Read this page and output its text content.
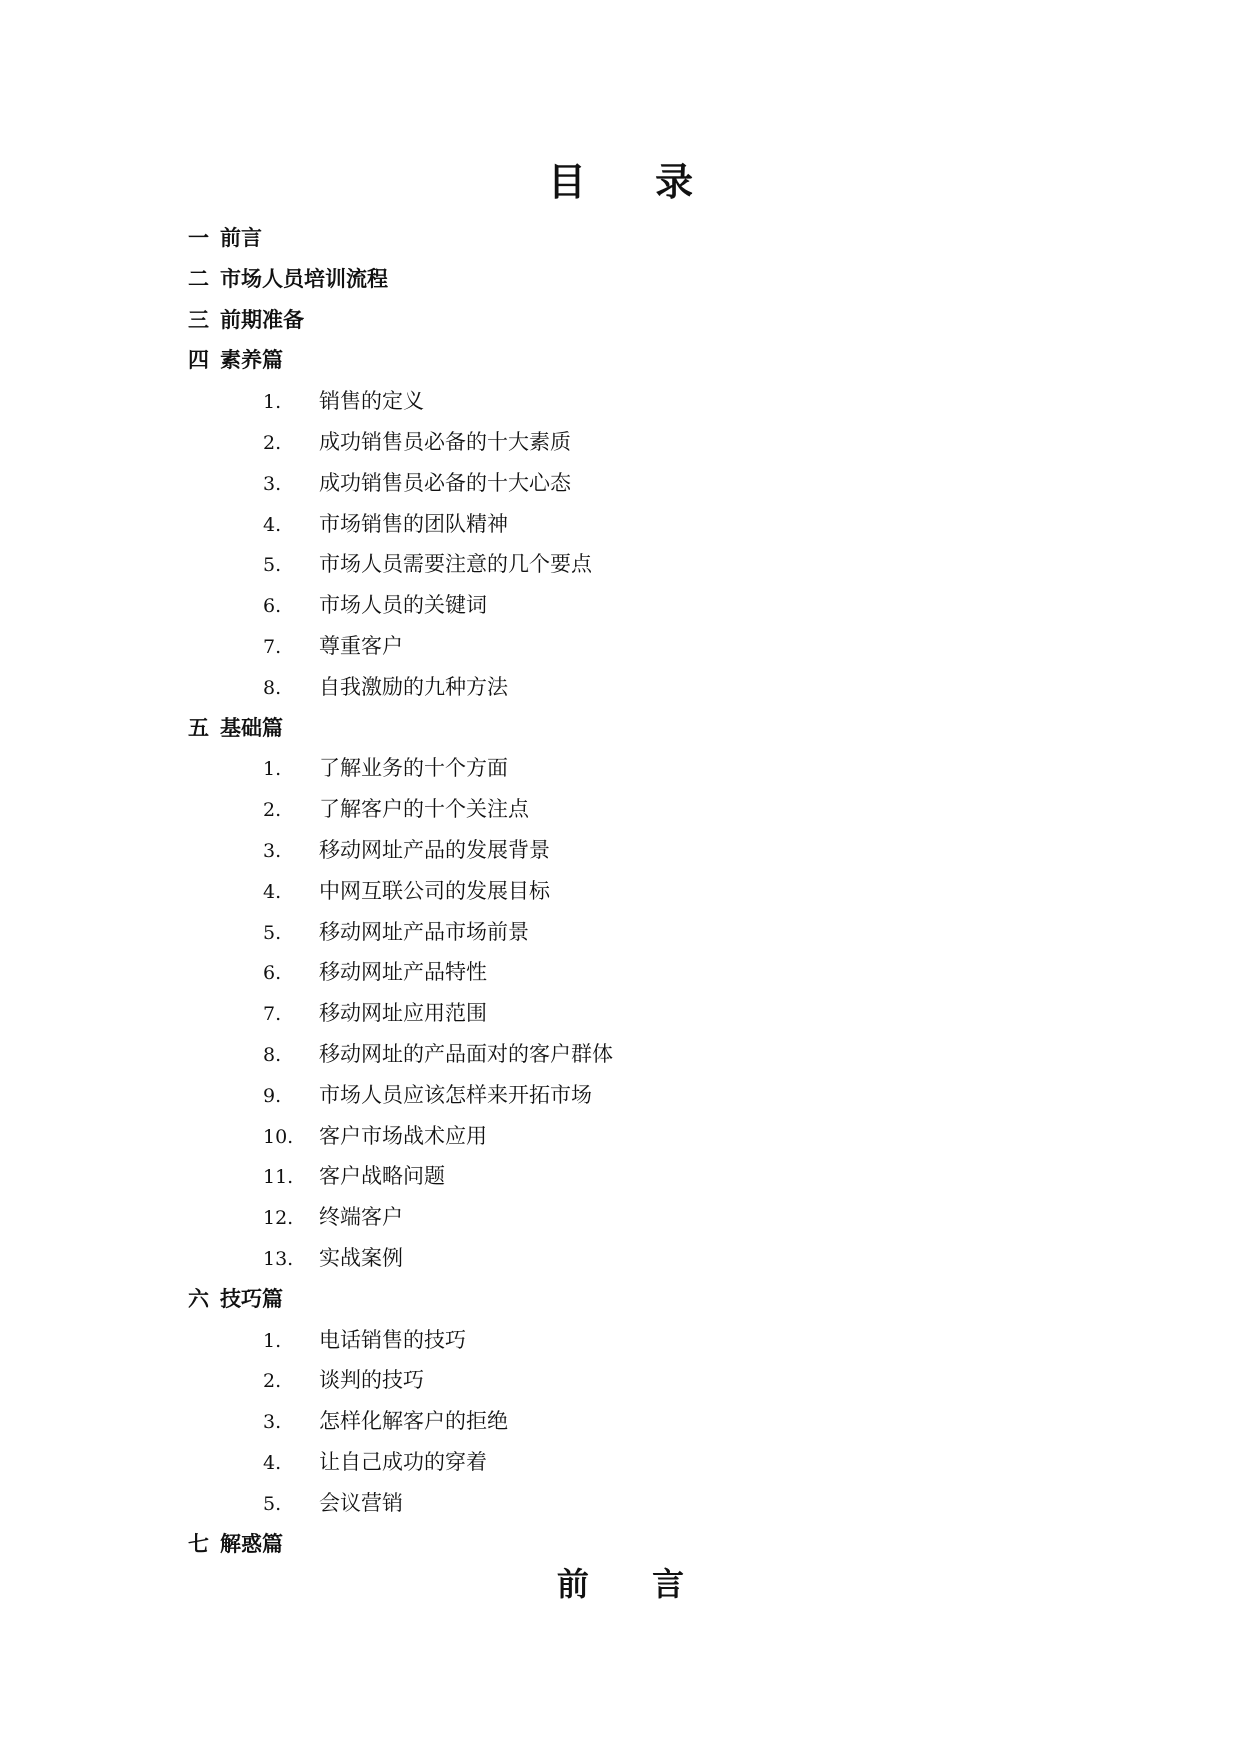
目 录
一 前言
二 市场人员培训流程
三 前期准备
四 素养篇
1. 销售的定义
2. 成功销售员必备的十大素质
3. 成功销售员必备的十大心态
4. 市场销售的团队精神
5. 市场人员需要注意的几个要点
6. 市场人员的关键词
7. 尊重客户
8. 自我激励的九种方法
五 基础篇
1. 了解业务的十个方面
2. 了解客户的十个关注点
3. 移动网址产品的发展背景
4. 中网互联公司的发展目标
5. 移动网址产品市场前景
6. 移动网址产品特性
7. 移动网址应用范围
8. 移动网址的产品面对的客户群体
9. 市场人员应该怎样来开拓市场
10. 客户市场战术应用
11. 客户战略问题
12. 终端客户
13. 实战案例
六 技巧篇
1. 电话销售的技巧
2. 谈判的技巧
3. 怎样化解客户的拒绝
4. 让自己成功的穿着
5. 会议营销
七 解惑篇
前 言
